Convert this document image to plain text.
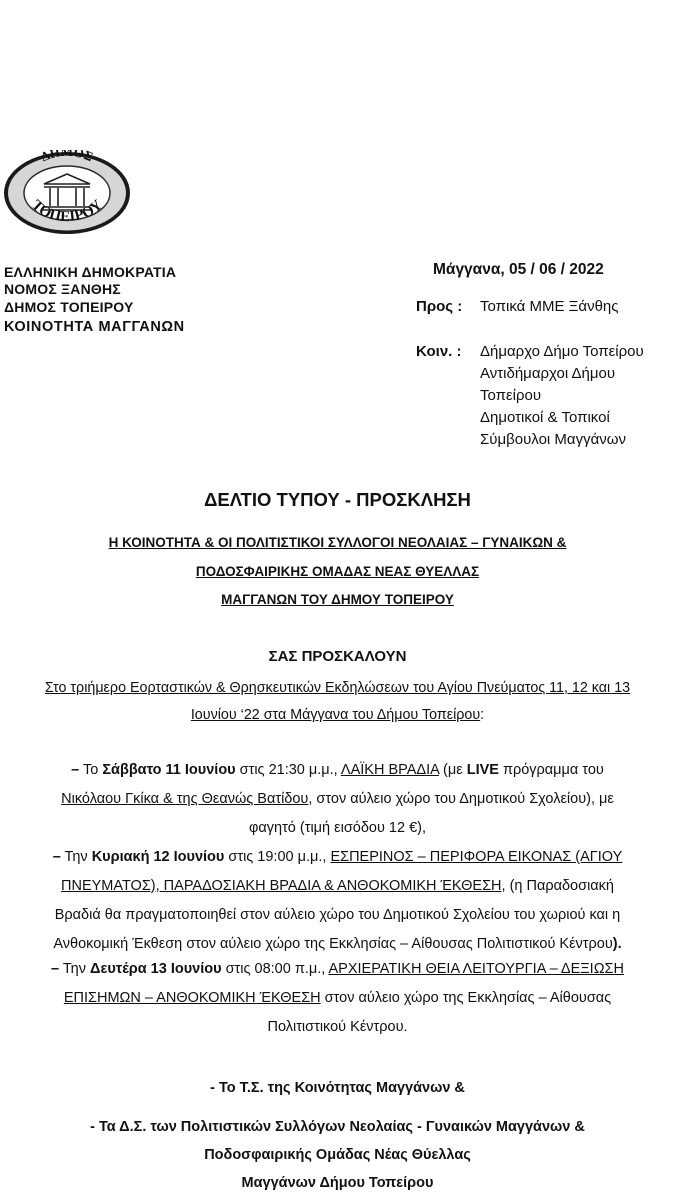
ΔΗΜΟΣ
ΤΟΠΕΙΡΟΥ
ΕΛΛΗΝΙΚΗ ΔΗΜΟΚΡΑΤΙΑ
ΝΟΜΟΣ ΞΑΝΘΗΣ
ΔΗΜΟΣ ΤΟΠΕΙΡΟΥ
ΚΟΙΝΟΤΗΤΑ ΜΑΓΓΑΝΩΝ
Μάγγανα, 05 / 06 / 2022
Προς : Τοπικά ΜΜΕ Ξάνθης
Κοιν. : Δήμαρχο Δήμο Τοπείρου
Αντιδήμαρχοι Δήμου
Τοπείρου
Δημοτικοί & Τοπικοί
Σύμβουλοι Μαγγάνων
ΔΕΛΤΙΟ ΤΥΠΟΥ - ΠΡΟΣΚΛΗΣΗ
Η ΚΟΙΝΟΤΗΤΑ & ΟΙ ΠΟΛΙΤΙΣΤΙΚΟΙ ΣΥΛΛΟΓΟΙ ΝΕΟΛΑΙΑΣ – ΓΥΝΑΙΚΩΝ &
ΠΟΔΟΣΦΑΙΡΙΚΗΣ ΟΜΑΔΑΣ ΝΕΑΣ ΘΥΕΛΛΑΣ
ΜΑΓΓΑΝΩΝ ΤΟΥ ΔΗΜΟΥ ΤΟΠΕΙΡΟΥ
ΣΑΣ ΠΡΟΣΚΑΛΟΥΝ
Στο τριήμερο Εορταστικών & Θρησκευτικών Εκδηλώσεων του Αγίου Πνεύματος 11, 12 και 13
Ιουνίου ‘22 στα Μάγγανα του Δήμου Τοπείρου:
– Το Σάββατο 11 Ιουνίου στις 21:30 μ.μ., ΛΑΪΚΗ ΒΡΑΔΙΑ (με LIVE πρόγραμμα του
Νικόλαου Γκίκα & της Θεανώς Βατίδου, στον αύλειο χώρο του Δημοτικού Σχολείου), με
φαγητό (τιμή εισόδου 12 €),
– Την Κυριακή 12 Ιουνίου στις 19:00 μ.μ., ΕΣΠΕΡΙΝΟΣ – ΠΕΡΙΦΟΡΑ ΕΙΚΟΝΑΣ (ΑΓΙΟΥ
ΠΝΕΥΜΑΤΟΣ), ΠΑΡΑΔΟΣΙΑΚΗ ΒΡΑΔΙΑ & ΑΝΘΟΚΟΜΙΚΗ ΈΚΘΕΣΗ, (η Παραδοσιακή
Βραδιά θα πραγματοποιηθεί στον αύλειο χώρο του Δημοτικού Σχολείου του χωριού και η
Ανθοκομική Έκθεση στον αύλειο χώρο της Εκκλησίας – Αίθουσας Πολιτιστικού Κέντρου).
– Την Δευτέρα 13 Ιουνίου στις 08:00 π.μ., ΑΡΧΙΕΡΑΤΙΚΗ ΘΕΙΑ ΛΕΙΤΟΥΡΓΙΑ – ΔΕΞΙΩΣΗ
ΕΠΙΣΗΜΩΝ – ΑΝΘΟΚΟΜΙΚΗ ΈΚΘΕΣΗ στον αύλειο χώρο της Εκκλησίας – Αίθουσας
Πολιτιστικού Κέντρου.
- Το Τ.Σ. της Κοινότητας Μαγγάνων &
- Τα Δ.Σ. των Πολιτιστικών Συλλόγων Νεολαίας - Γυναικών Μαγγάνων &
Ποδοσφαιρικής Ομάδας Νέας Θύελλας
Μαγγάνων Δήμου Τοπείρου
